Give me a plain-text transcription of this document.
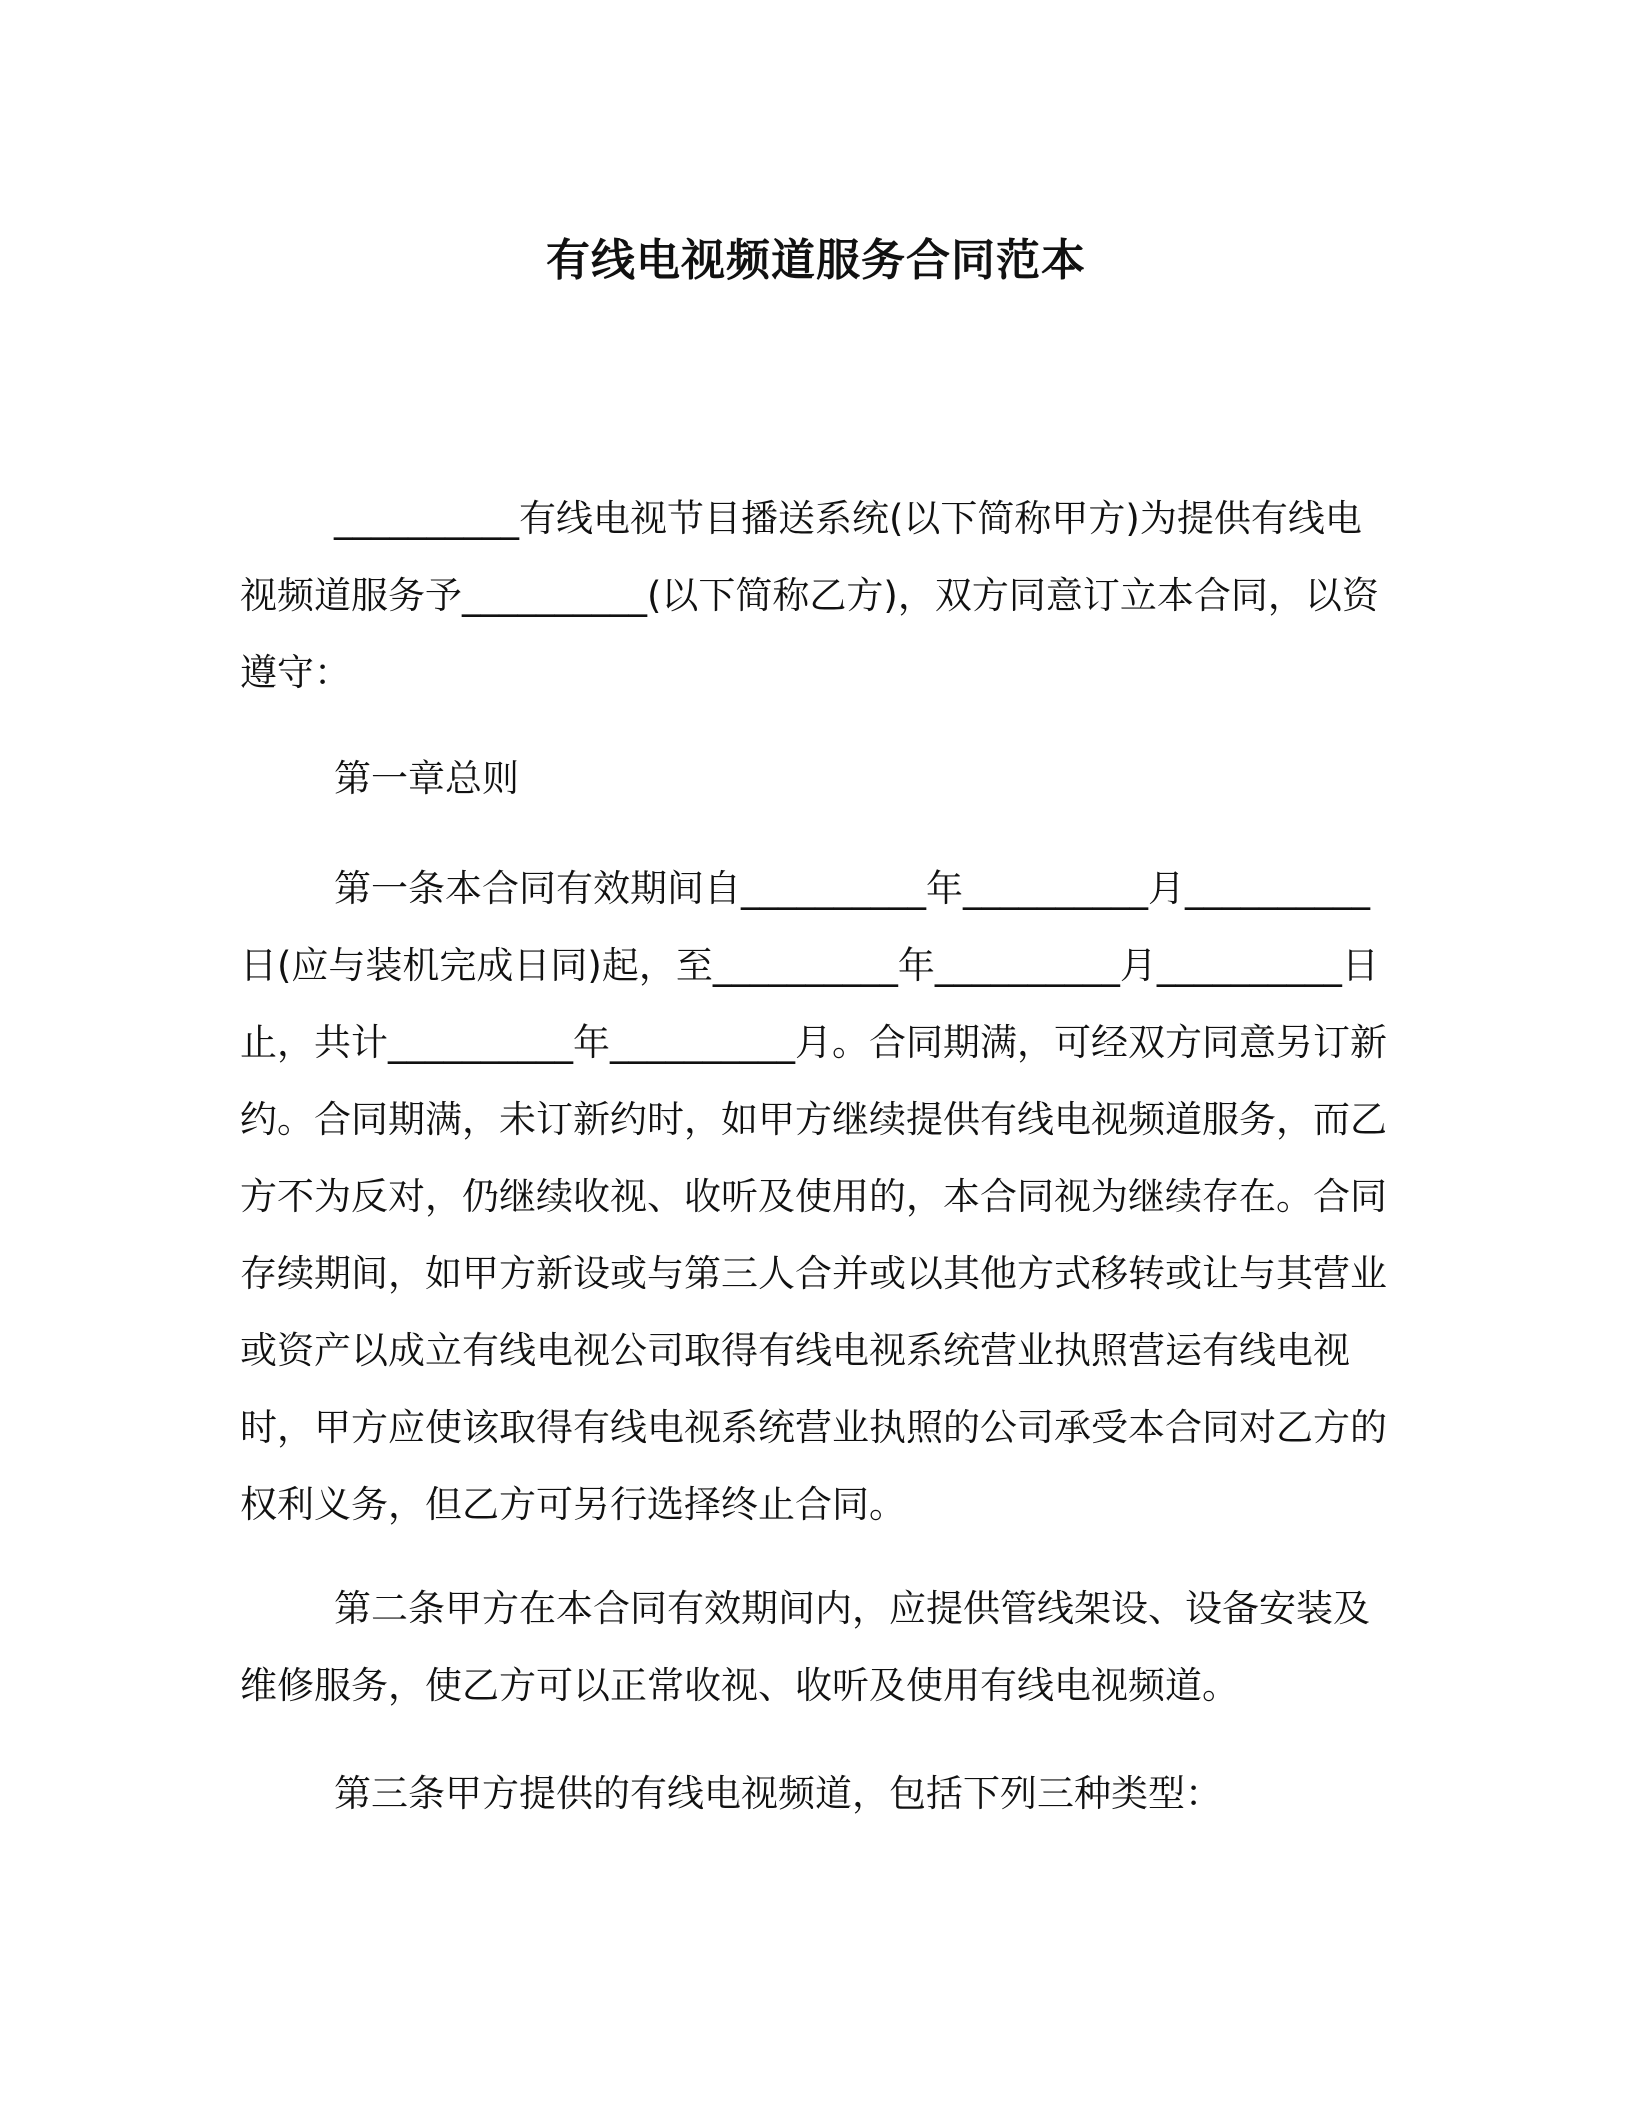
有线电视频道服务合同范本

__________有线电视节目播送系统(以下简称甲方)为提供有线电视频道服务予__________(以下简称乙方)，双方同意订立本合同，以资遵守：

第一章总则

第一条本合同有效期间自__________年__________月__________日(应与装机完成日同)起，至__________年__________月__________日止，共计__________年__________月。合同期满，可经双方同意另订新约。合同期满，未订新约时，如甲方继续提供有线电视频道服务，而乙方不为反对，仍继续收视、收听及使用的，本合同视为继续存在。合同存续期间，如甲方新设或与第三人合并或以其他方式移转或让与其营业或资产以成立有线电视公司取得有线电视系统营业执照营运有线电视时，甲方应使该取得有线电视系统营业执照的公司承受本合同对乙方的权利义务，但乙方可另行选择终止合同。

第二条甲方在本合同有效期间内，应提供管线架设、设备安装及维修服务，使乙方可以正常收视、收听及使用有线电视频道。

第三条甲方提供的有线电视频道，包括下列三种类型：
